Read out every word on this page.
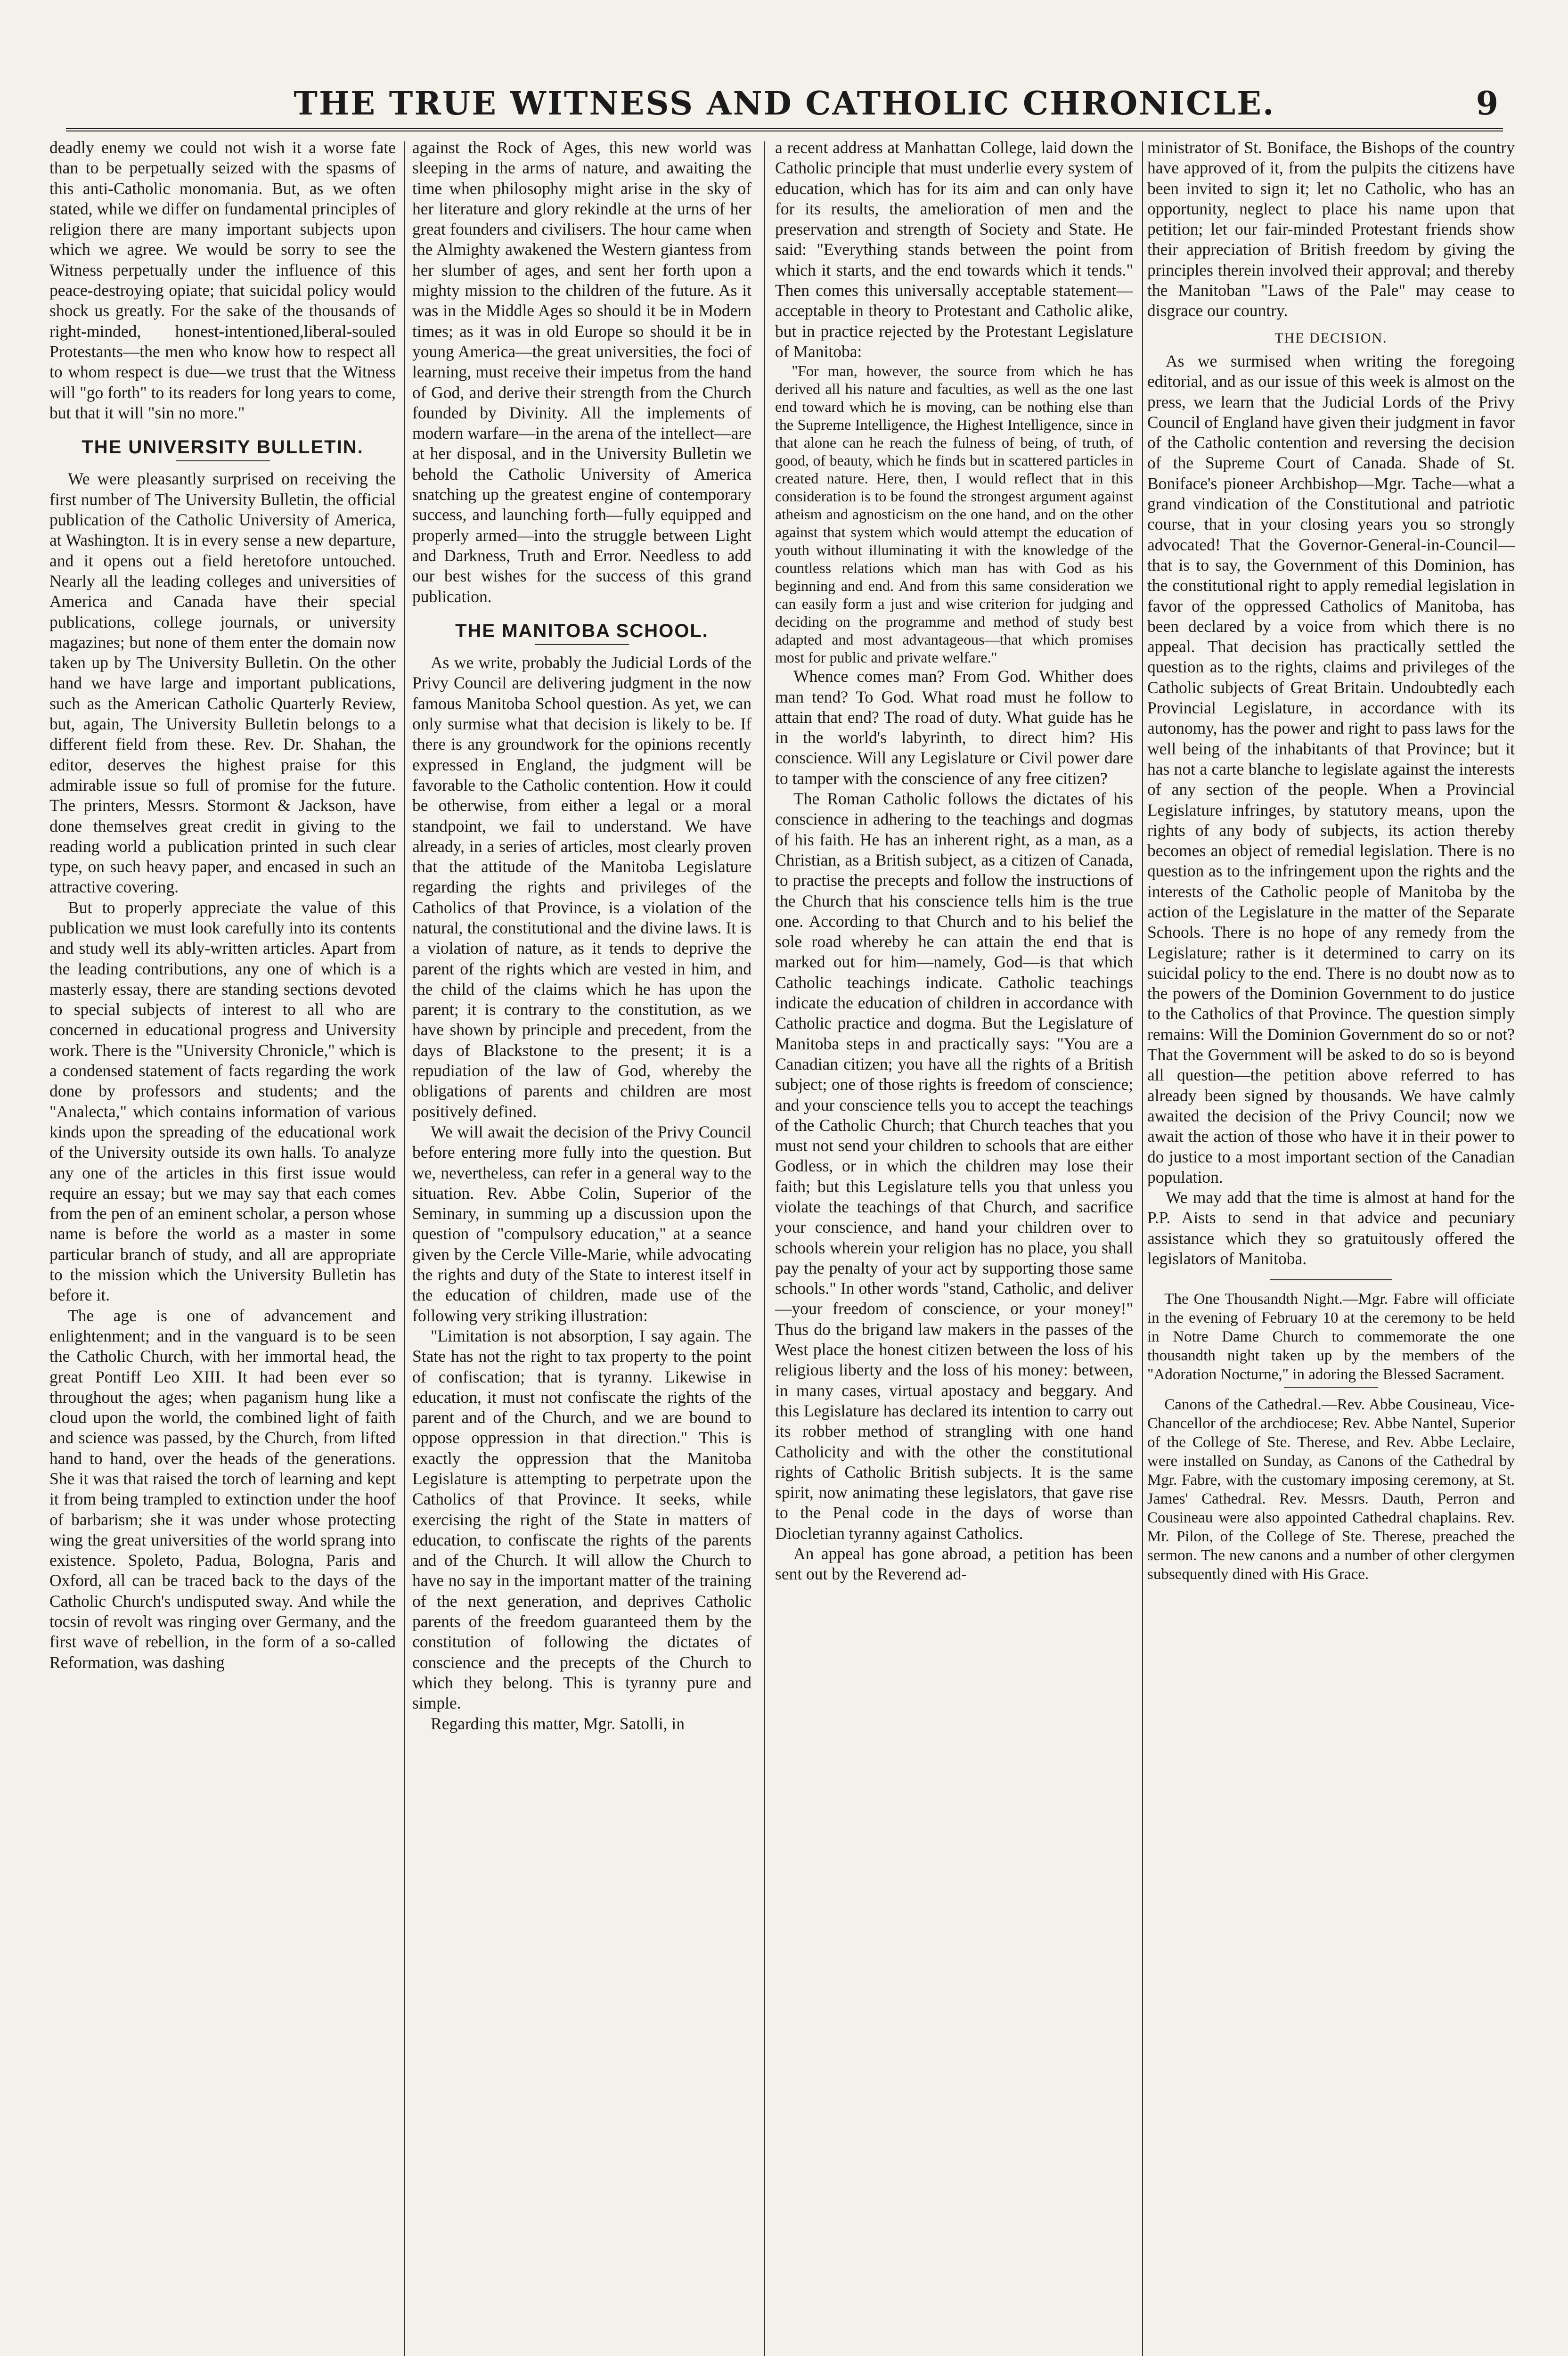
THE TRUE WITNESS AND CATHOLIC CHRONICLE.	9

deadly enemy we could not wish it a worse fate than to be perpetually seized with the spasms of this anti-Catholic monomania. But, as we often stated, while we differ on fundamental principles of religion there are many important subjects upon which we agree. We would be sorry to see the Witness perpetually under the influence of this peace-destroying opiate; that suicidal policy would shock us greatly. For the sake of the thousands of right-minded, honest-intentioned,liberal-souled Protestants—the men who know how to respect all to whom respect is due—we trust that the Witness will "go forth" to its readers for long years to come, but that it will "sin no more."

THE UNIVERSITY BULLETIN.

We were pleasantly surprised on receiving the first number of The University Bulletin, the official publication of the Catholic University of America, at Washington. It is in every sense a new departure, and it opens out a field heretofore untouched. Nearly all the leading colleges and universities of America and Canada have their special publications, college journals, or university magazines; but none of them enter the domain now taken up by The University Bulletin. On the other hand we have large and important publications, such as the American Catholic Quarterly Review, but, again, The University Bulletin belongs to a different field from these. Rev. Dr. Shahan, the editor, deserves the highest praise for this admirable issue so full of promise for the future. The printers, Messrs. Stormont & Jackson, have done themselves great credit in giving to the reading world a publication printed in such clear type, on such heavy paper, and encased in such an attractive covering.

But to properly appreciate the value of this publication we must look carefully into its contents and study well its ably-written articles. Apart from the leading contributions, any one of which is a masterly essay, there are standing sections devoted to special subjects of interest to all who are concerned in educational progress and University work. There is the "University Chronicle," which is a condensed statement of facts regarding the work done by professors and students; and the "Analecta," which contains information of various kinds upon the spreading of the educational work of the University outside its own halls. To analyze any one of the articles in this first issue would require an essay; but we may say that each comes from the pen of an eminent scholar, a person whose name is before the world as a master in some particular branch of study, and all are appropriate to the mission which the University Bulletin has before it.

The age is one of advancement and enlightenment; and in the vanguard is to be seen the Catholic Church, with her immortal head, the great Pontiff Leo XIII. It had been ever so throughout the ages; when paganism hung like a cloud upon the world, the combined light of faith and science was passed, by the Church, from lifted hand to hand, over the heads of the generations. She it was that raised the torch of learning and kept it from being trampled to extinction under the hoof of barbarism; she it was under whose protecting wing the great universities of the world sprang into existence. Spoleto, Padua, Bologna, Paris and Oxford, all can be traced back to the days of the Catholic Church's undisputed sway. And while the tocsin of revolt was ringing over Germany, and the first wave of rebellion, in the form of a so-called Reformation, was dashing

against the Rock of Ages, this new world was sleeping in the arms of nature, and awaiting the time when philosophy might arise in the sky of her literature and glory rekindle at the urns of her great founders and civilisers. The hour came when the Almighty awakened the Western giantess from her slumber of ages, and sent her forth upon a mighty mission to the children of the future. As it was in the Middle Ages so should it be in Modern times; as it was in old Europe so should it be in young America—the great universities, the foci of learning, must receive their impetus from the hand of God, and derive their strength from the Church founded by Divinity. All the implements of modern warfare—in the arena of the intellect—are at her disposal, and in the University Bulletin we behold the Catholic University of America snatching up the greatest engine of contemporary success, and launching forth—fully equipped and properly armed—into the struggle between Light and Darkness, Truth and Error. Needless to add our best wishes for the success of this grand publication.

THE MANITOBA SCHOOL.

As we write, probably the Judicial Lords of the Privy Council are delivering judgment in the now famous Manitoba School question. As yet, we can only surmise what that decision is likely to be. If there is any groundwork for the opinions recently expressed in England, the judgment will be favorable to the Catholic contention. How it could be otherwise, from either a legal or a moral standpoint, we fail to understand. We have already, in a series of articles, most clearly proven that the attitude of the Manitoba Legislature regarding the rights and privileges of the Catholics of that Province, is a violation of the natural, the constitutional and the divine laws. It is a violation of nature, as it tends to deprive the parent of the rights which are vested in him, and the child of the claims which he has upon the parent; it is contrary to the constitution, as we have shown by principle and precedent, from the days of Blackstone to the present; it is a repudiation of the law of God, whereby the obligations of parents and children are most positively defined.

We will await the decision of the Privy Council before entering more fully into the question. But we, nevertheless, can refer in a general way to the situation. Rev. Abbe Colin, Superior of the Seminary, in summing up a discussion upon the question of "compulsory education," at a seance given by the Cercle Ville-Marie, while advocating the rights and duty of the State to interest itself in the education of children, made use of the following very striking illustration:

"Limitation is not absorption, I say again. The State has not the right to tax property to the point of confiscation; that is tyranny. Likewise in education, it must not confiscate the rights of the parent and of the Church, and we are bound to oppose oppression in that direction." This is exactly the oppression that the Manitoba Legislature is attempting to perpetrate upon the Catholics of that Province. It seeks, while exercising the right of the State in matters of education, to confiscate the rights of the parents and of the Church. It will allow the Church to have no say in the important matter of the training of the next generation, and deprives Catholic parents of the freedom guaranteed them by the constitution of following the dictates of conscience and the precepts of the Church to which they belong. This is tyranny pure and simple.

Regarding this matter, Mgr. Satolli, in

a recent address at Manhattan College, laid down the Catholic principle that must underlie every system of education, which has for its aim and can only have for its results, the amelioration of men and the preservation and strength of Society and State. He said: "Everything stands between the point from which it starts, and the end towards which it tends." Then comes this universally acceptable statement—acceptable in theory to Protestant and Catholic alike, but in practice rejected by the Protestant Legislature of Manitoba:

"For man, however, the source from which he has derived all his nature and faculties, as well as the one last end toward which he is moving, can be nothing else than the Supreme Intelligence, the Highest Intelligence, since in that alone can he reach the fulness of being, of truth, of good, of beauty, which he finds but in scattered particles in created nature. Here, then, I would reflect that in this consideration is to be found the strongest argument against atheism and agnosticism on the one hand, and on the other against that system which would attempt the education of youth without illuminating it with the knowledge of the countless relations which man has with God as his beginning and end. And from this same consideration we can easily form a just and wise criterion for judging and deciding on the programme and method of study best adapted and most advantageous—that which promises most for public and private welfare."

Whence comes man? From God. Whither does man tend? To God. What road must he follow to attain that end? The road of duty. What guide has he in the world's labyrinth, to direct him? His conscience. Will any Legislature or Civil power dare to tamper with the conscience of any free citizen?

The Roman Catholic follows the dictates of his conscience in adhering to the teachings and dogmas of his faith. He has an inherent right, as a man, as a Christian, as a British subject, as a citizen of Canada, to practise the precepts and follow the instructions of the Church that his conscience tells him is the true one. According to that Church and to his belief the sole road whereby he can attain the end that is marked out for him—namely, God—is that which Catholic teachings indicate. Catholic teachings indicate the education of children in accordance with Catholic practice and dogma. But the Legislature of Manitoba steps in and practically says: "You are a Canadian citizen; you have all the rights of a British subject; one of those rights is freedom of conscience; and your conscience tells you to accept the teachings of the Catholic Church; that Church teaches that you must not send your children to schools that are either Godless, or in which the children may lose their faith; but this Legislature tells you that unless you violate the teachings of that Church, and sacrifice your conscience, and hand your children over to schools wherein your religion has no place, you shall pay the penalty of your act by supporting those same schools." In other words "stand, Catholic, and deliver—your freedom of conscience, or your money!" Thus do the brigand law makers in the passes of the West place the honest citizen between the loss of his religious liberty and the loss of his money: between, in many cases, virtual apostacy and beggary. And this Legislature has declared its intention to carry out its robber method of strangling with one hand Catholicity and with the other the constitutional rights of Catholic British subjects. It is the same spirit, now animating these legislators, that gave rise to the Penal code in the days of worse than Diocletian tyranny against Catholics.

An appeal has gone abroad, a petition has been sent out by the Reverend ad-

ministrator of St. Boniface, the Bishops of the country have approved of it, from the pulpits the citizens have been invited to sign it; let no Catholic, who has an opportunity, neglect to place his name upon that petition; let our fair-minded Protestant friends show their appreciation of British freedom by giving the principles therein involved their approval; and thereby the Manitoban "Laws of the Pale" may cease to disgrace our country.

THE DECISION.

As we surmised when writing the foregoing editorial, and as our issue of this week is almost on the press, we learn that the Judicial Lords of the Privy Council of England have given their judgment in favor of the Catholic contention and reversing the decision of the Supreme Court of Canada. Shade of St. Boniface's pioneer Archbishop—Mgr. Tache—what a grand vindication of the Constitutional and patriotic course, that in your closing years you so strongly advocated! That the Governor-General-in-Council—that is to say, the Government of this Dominion, has the constitutional right to apply remedial legislation in favor of the oppressed Catholics of Manitoba, has been declared by a voice from which there is no appeal. That decision has practically settled the question as to the rights, claims and privileges of the Catholic subjects of Great Britain. Undoubtedly each Provincial Legislature, in accordance with its autonomy, has the power and right to pass laws for the well being of the inhabitants of that Province; but it has not a carte blanche to legislate against the interests of any section of the people. When a Provincial Legislature infringes, by statutory means, upon the rights of any body of subjects, its action thereby becomes an object of remedial legislation. There is no question as to the infringement upon the rights and the interests of the Catholic people of Manitoba by the action of the Legislature in the matter of the Separate Schools. There is no hope of any remedy from the Legislature; rather is it determined to carry on its suicidal policy to the end. There is no doubt now as to the powers of the Dominion Government to do justice to the Catholics of that Province. The question simply remains: Will the Dominion Government do so or not? That the Government will be asked to do so is beyond all question—the petition above referred to has already been signed by thousands. We have calmly awaited the decision of the Privy Council; now we await the action of those who have it in their power to do justice to a most important section of the Canadian population.

We may add that the time is almost at hand for the P.P. Aists to send in that advice and pecuniary assistance which they so gratuitously offered the legislators of Manitoba.

The One Thousandth Night.—Mgr. Fabre will officiate in the evening of February 10 at the ceremony to be held in Notre Dame Church to commemorate the one thousandth night taken up by the members of the "Adoration Nocturne," in adoring the Blessed Sacrament.

Canons of the Cathedral.—Rev. Abbe Cousineau, Vice-Chancellor of the archdiocese; Rev. Abbe Nantel, Superior of the College of Ste. Therese, and Rev. Abbe Leclaire, were installed on Sunday, as Canons of the Cathedral by Mgr. Fabre, with the customary imposing ceremony, at St. James' Cathedral. Rev. Messrs. Dauth, Perron and Cousineau were also appointed Cathedral chaplains. Rev. Mr. Pilon, of the College of Ste. Therese, preached the sermon. The new canons and a number of other clergymen subsequently dined with His Grace.
